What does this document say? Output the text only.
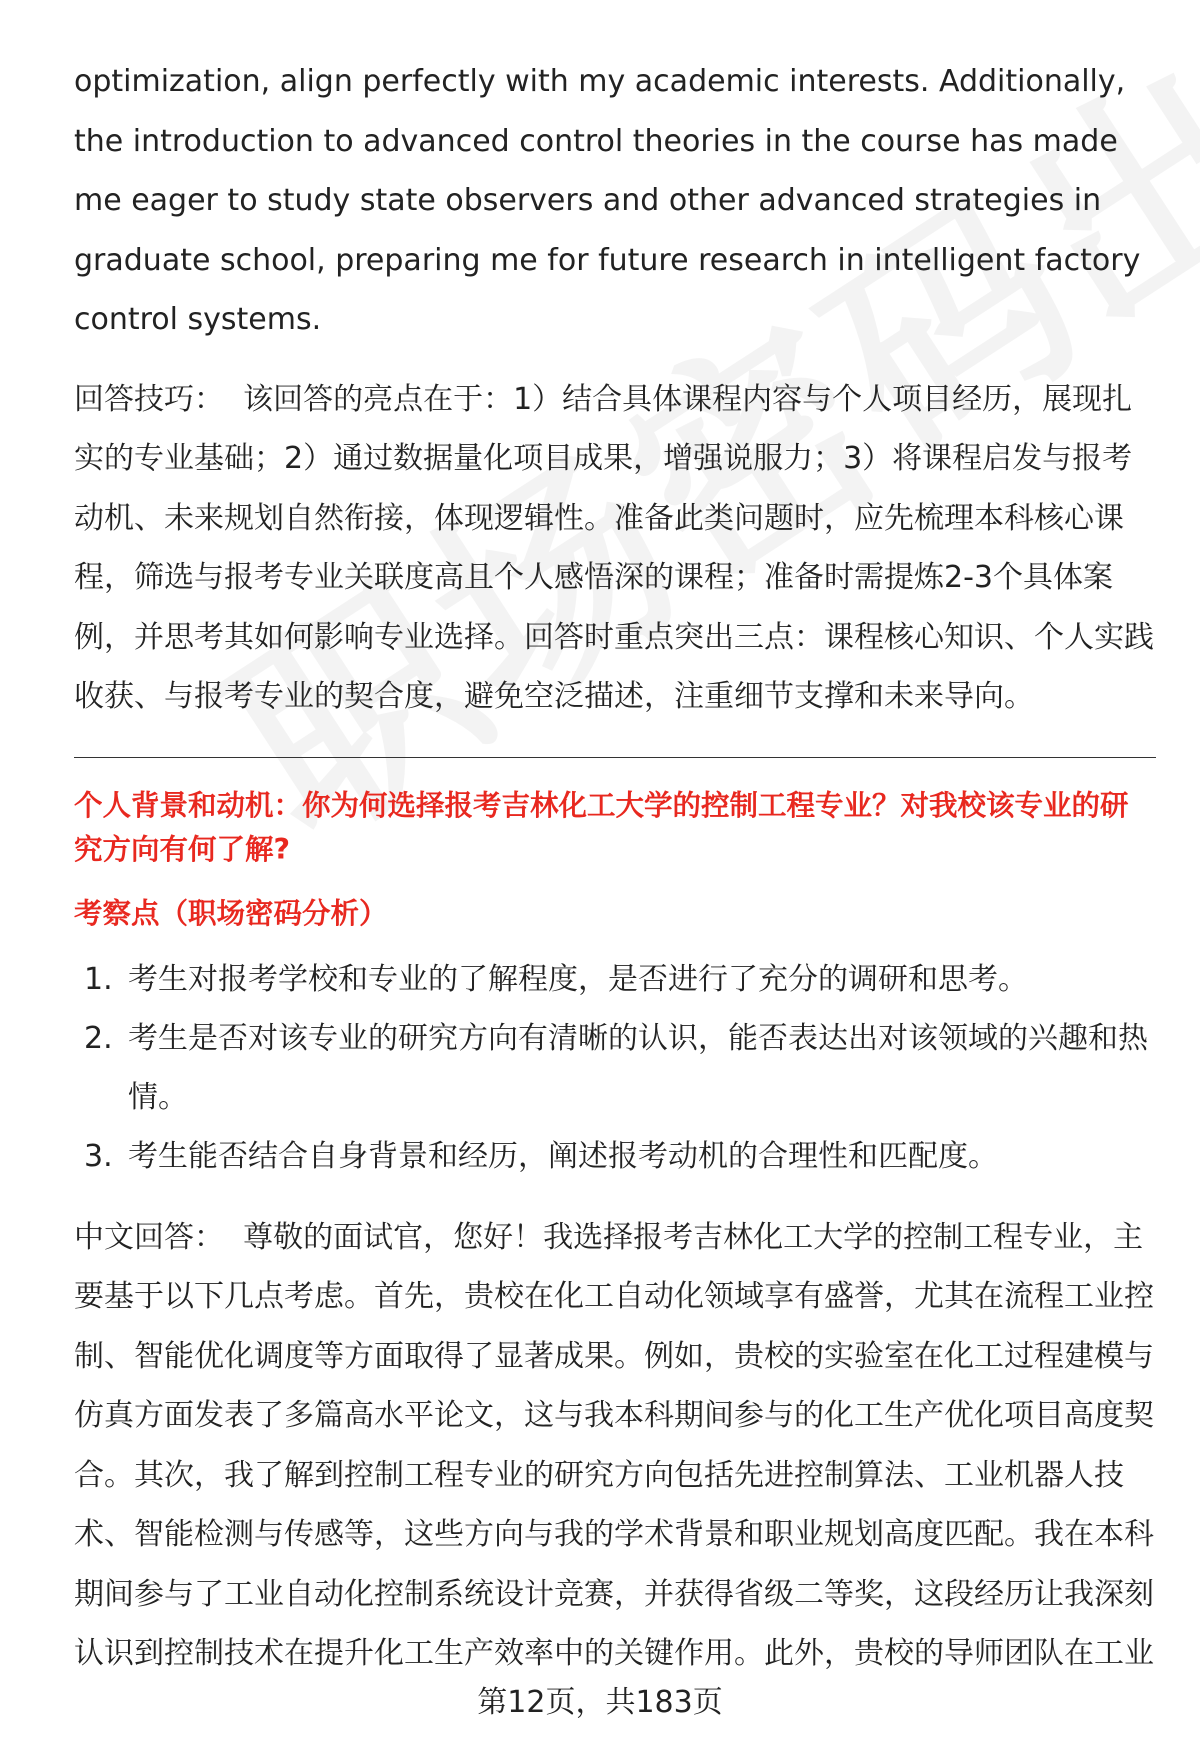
optimization, align perfectly with my academic interests. Additionally, the introduction to advanced control theories in the course has made me eager to study state observers and other advanced strategies in graduate school, preparing me for future research in intelligent factory control systems.

回答技巧： 该回答的亮点在于：1）结合具体课程内容与个人项目经历，展现扎实的专业基础；2）通过数据量化项目成果，增强说服力；3）将课程启发与报考动机、未来规划自然衔接，体现逻辑性。准备此类问题时，应先梳理本科核心课程，筛选与报考专业关联度高且个人感悟深的课程；准备时需提炼2-3个具体案例，并思考其如何影响专业选择。回答时重点突出三点：课程核心知识、个人实践收获、与报考专业的契合度，避免空泛描述，注重细节支撑和未来导向。

个人背景和动机：你为何选择报考吉林化工大学的控制工程专业？对我校该专业的研究方向有何了解?

考察点（职场密码分析）

1. 考生对报考学校和专业的了解程度，是否进行了充分的调研和思考。
2. 考生是否对该专业的研究方向有清晰的认识，能否表达出对该领域的兴趣和热情。
3. 考生能否结合自身背景和经历，阐述报考动机的合理性和匹配度。

中文回答： 尊敬的面试官，您好！我选择报考吉林化工大学的控制工程专业，主要基于以下几点考虑。首先，贵校在化工自动化领域享有盛誉，尤其在流程工业控制、智能优化调度等方面取得了显著成果。例如，贵校的实验室在化工过程建模与仿真方面发表了多篇高水平论文，这与我本科期间参与的化工生产优化项目高度契合。其次，我了解到控制工程专业的研究方向包括先进控制算法、工业机器人技术、智能检测与传感等，这些方向与我的学术背景和职业规划高度匹配。我在本科期间参与了工业自动化控制系统设计竞赛，并获得省级二等奖，这段经历让我深刻认识到控制技术在提升化工生产效率中的关键作用。此外，贵校的导师团队在工业

第12页，共183页
